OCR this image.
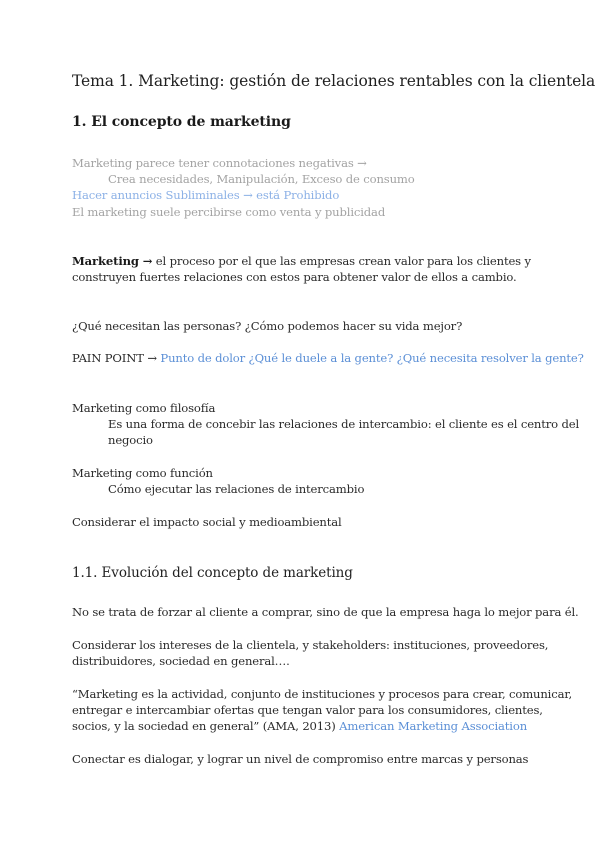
Tema 1. Marketing: gestión de relaciones rentables con la clientela
1. El concepto de marketing
Marketing parece tener connotaciones negativas →
Crea necesidades, Manipulación, Exceso de consumo
Hacer anuncios Subliminales → está Prohibido
El marketing suele percibirse como venta y publicidad
Marketing → el proceso por el que las empresas crean valor para los clientes y
construyen fuertes relaciones con estos para obtener valor de ellos a cambio.
¿Qué necesitan las personas? ¿Cómo podemos hacer su vida mejor?
PAIN POINT → Punto de dolor ¿Qué le duele a la gente? ¿Qué necesita resolver la gente?
Marketing como filosofía
Es una forma de concebir las relaciones de intercambio: el cliente es el centro del
negocio
Marketing como función
Cómo ejecutar las relaciones de intercambio
Considerar el impacto social y medioambiental
1.1. Evolución del concepto de marketing
No se trata de forzar al cliente a comprar, sino de que la empresa haga lo mejor para él.
Considerar los intereses de la clientela, y stakeholders: instituciones, proveedores,
distribuidores, sociedad en general….
“Marketing es la actividad, conjunto de instituciones y procesos para crear, comunicar,
entregar e intercambiar ofertas que tengan valor para los consumidores, clientes,
socios, y la sociedad en general” (AMA, 2013) American Marketing Association
Conectar es dialogar, y lograr un nivel de compromiso entre marcas y personas
